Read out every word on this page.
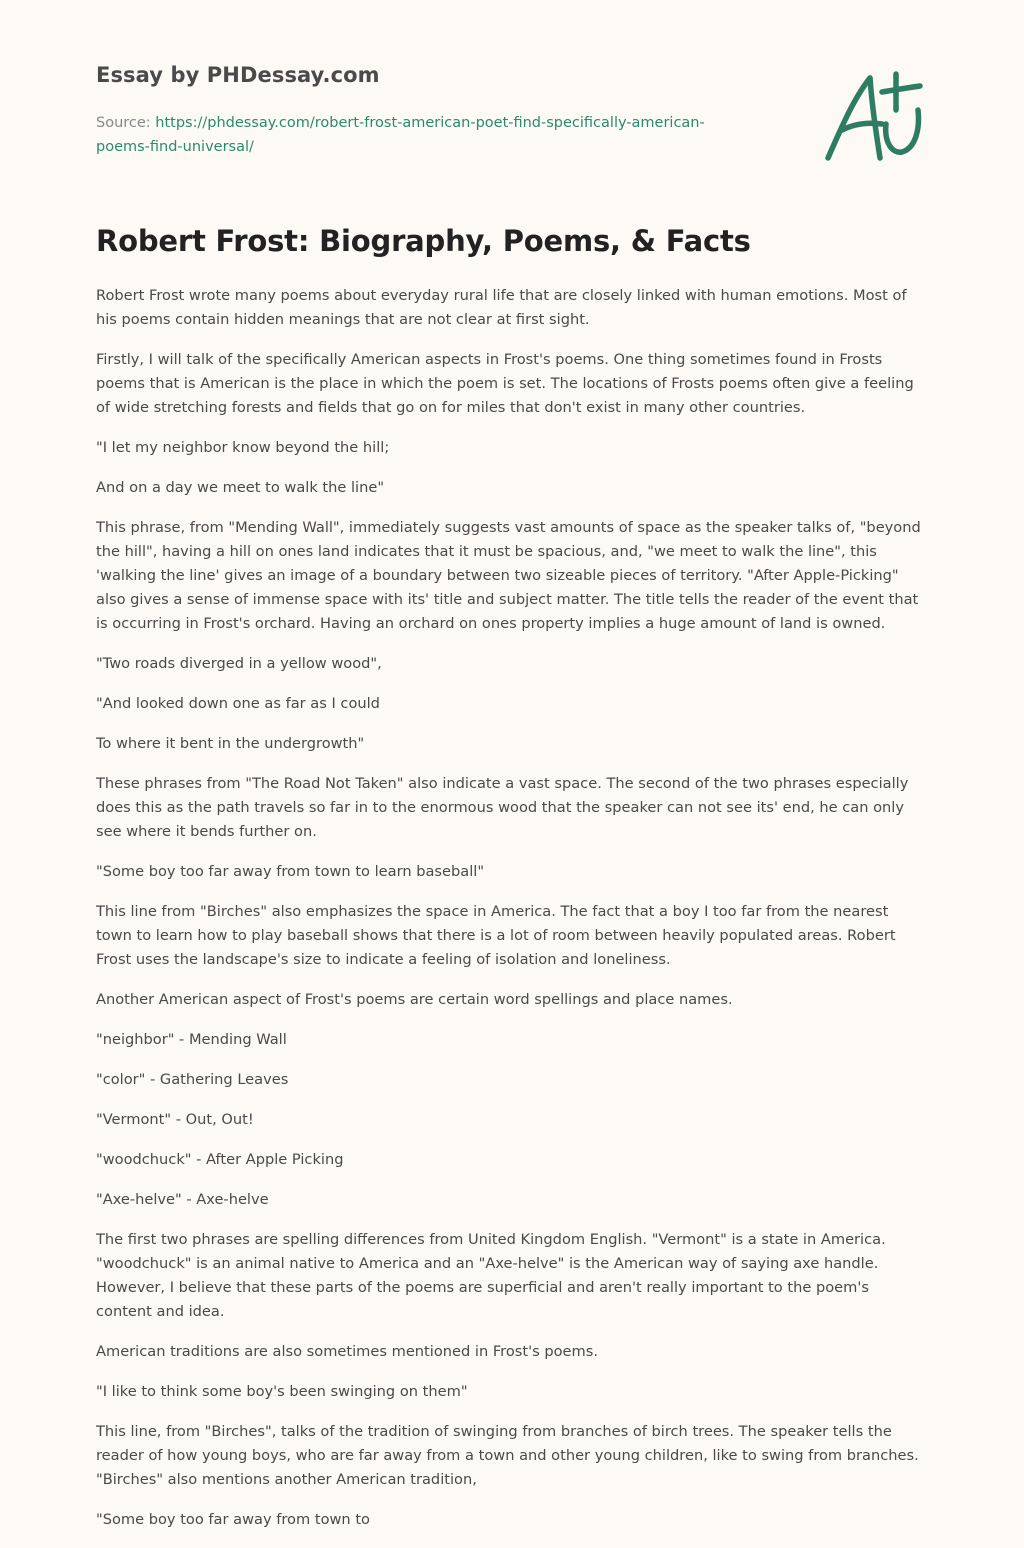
Essay by PHDessay.com
Source: https://phdessay.com/robert-frost-american-poet-find-specifically-american-poems-find-universal/
Robert Frost: Biography, Poems, & Facts

Robert Frost wrote many poems about everyday rural life that are closely linked with human emotions. Most of his poems contain hidden meanings that are not clear at first sight.

Firstly, I will talk of the specifically American aspects in Frost's poems. One thing sometimes found in Frosts poems that is American is the place in which the poem is set. The locations of Frosts poems often give a feeling of wide stretching forests and fields that go on for miles that don't exist in many other countries.

"I let my neighbor know beyond the hill;

And on a day we meet to walk the line"

This phrase, from "Mending Wall", immediately suggests vast amounts of space as the speaker talks of, "beyond the hill", having a hill on ones land indicates that it must be spacious, and, "we meet to walk the line", this 'walking the line' gives an image of a boundary between two sizeable pieces of territory. "After Apple-Picking" also gives a sense of immense space with its' title and subject matter. The title tells the reader of the event that is occurring in Frost's orchard. Having an orchard on ones property implies a huge amount of land is owned.

"Two roads diverged in a yellow wood",

"And looked down one as far as I could

To where it bent in the undergrowth"

These phrases from "The Road Not Taken" also indicate a vast space. The second of the two phrases especially does this as the path travels so far in to the enormous wood that the speaker can not see its' end, he can only see where it bends further on.

"Some boy too far away from town to learn baseball"

This line from "Birches" also emphasizes the space in America. The fact that a boy I too far from the nearest town to learn how to play baseball shows that there is a lot of room between heavily populated areas. Robert Frost uses the landscape's size to indicate a feeling of isolation and loneliness.

Another American aspect of Frost's poems are certain word spellings and place names.

"neighbor" - Mending Wall

"color" - Gathering Leaves

"Vermont" - Out, Out!

"woodchuck" - After Apple Picking

"Axe-helve" - Axe-helve

The first two phrases are spelling differences from United Kingdom English. "Vermont" is a state in America. "woodchuck" is an animal native to America and an "Axe-helve" is the American way of saying axe handle. However, I believe that these parts of the poems are superficial and aren't really important to the poem's content and idea.

American traditions are also sometimes mentioned in Frost's poems.

"I like to think some boy's been swinging on them"

This line, from "Birches", talks of the tradition of swinging from branches of birch trees. The speaker tells the reader of how young boys, who are far away from a town and other young children, like to swing from branches. "Birches" also mentions another American tradition,

"Some boy too far away from town to
